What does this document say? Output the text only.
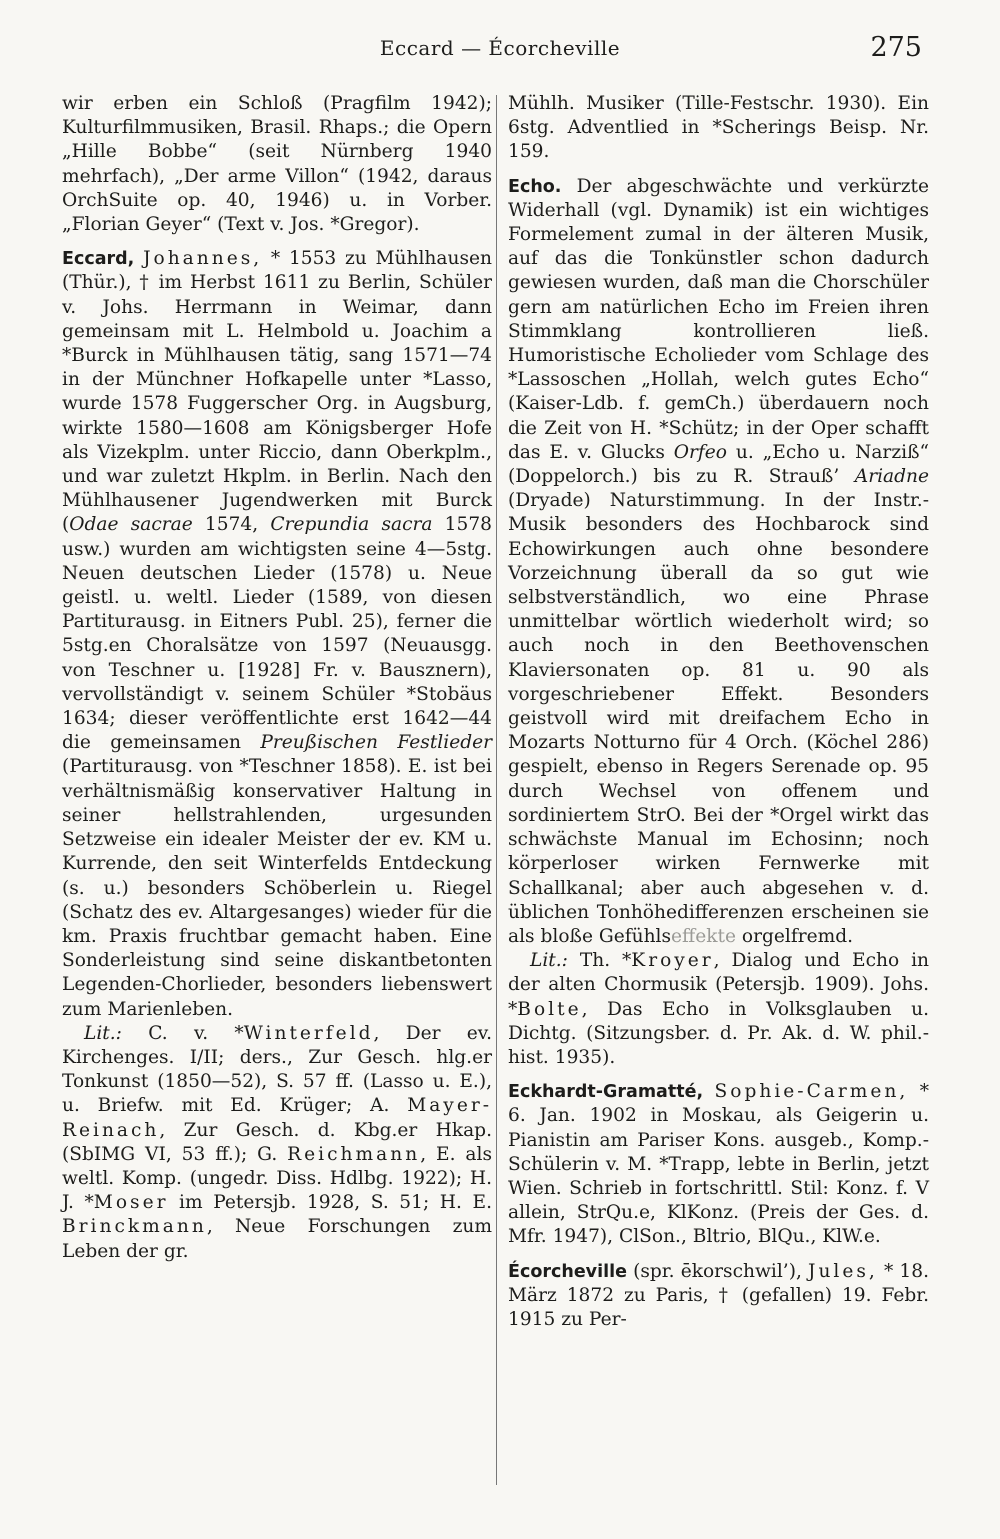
Eccard — Écorcheville	275

wir erben ein Schloß (Pragfilm 1942); Kulturfilmmusiken, Brasil. Rhaps.; die Opern „Hille Bobbe“ (seit Nürnberg 1940 mehrfach), „Der arme Villon“ (1942, daraus OrchSuite op. 40, 1946) u. in Vorber. „Florian Geyer“ (Text v. Jos. *Gregor).

Eccard, Johannes, * 1553 zu Mühlhausen (Thür.), † im Herbst 1611 zu Berlin, Schüler v. Johs. Herrmann in Weimar, dann gemeinsam mit L. Helmbold u. Joachim a *Burck in Mühlhausen tätig, sang 1571—74 in der Münchner Hofkapelle unter *Lasso, wurde 1578 Fuggerscher Org. in Augsburg, wirkte 1580—1608 am Königsberger Hofe als Vizekplm. unter Riccio, dann Oberkplm., und war zuletzt Hkplm. in Berlin. Nach den Mühlhausener Jugendwerken mit Burck (Odae sacrae 1574, Crepundia sacra 1578 usw.) wurden am wichtigsten seine 4—5stg. Neuen deutschen Lieder (1578) u. Neue geistl. u. weltl. Lieder (1589, von diesen Partiturausg. in Eitners Publ. 25), ferner die 5stg.en Choralsätze von 1597 (Neuausgg. von Teschner u. [1928] Fr. v. Bausznern), vervollständigt v. seinem Schüler *Stobäus 1634; dieser veröffentlichte erst 1642—44 die gemeinsamen Preußischen Festlieder (Partiturausg. von *Teschner 1858). E. ist bei verhältnismäßig konservativer Haltung in seiner hellstrahlenden, urgesunden Setzweise ein idealer Meister der ev. KM u. Kurrende, den seit Winterfelds Entdeckung (s. u.) besonders Schöberlein u. Riegel (Schatz des ev. Altargesanges) wieder für die km. Praxis fruchtbar gemacht haben. Eine Sonderleistung sind seine diskantbetonten Legenden-Chorlieder, besonders liebenswert zum Marienleben.

Lit.: C. v. *Winterfeld, Der ev. Kirchenges. I/II; ders., Zur Gesch. hlg.er Tonkunst (1850—52), S. 57 ff. (Lasso u. E.), u. Briefw. mit Ed. Krüger; A. Mayer-Reinach, Zur Gesch. d. Kbg.er Hkap. (SbIMG VI, 53 ff.); G. Reichmann, E. als weltl. Komp. (ungedr. Diss. Hdlbg. 1922); H. J. *Moser im Petersjb. 1928, S. 51; H. E. Brinckmann, Neue Forschungen zum Leben der gr.

Mühlh. Musiker (Tille-Festschr. 1930). Ein 6stg. Adventlied in *Scherings Beisp. Nr. 159.

Echo. Der abgeschwächte und verkürzte Widerhall (vgl. Dynamik) ist ein wichtiges Formelement zumal in der älteren Musik, auf das die Tonkünstler schon dadurch gewiesen wurden, daß man die Chorschüler gern am natürlichen Echo im Freien ihren Stimmklang kontrollieren ließ. Humoristische Echolieder vom Schlage des *Lassoschen „Hollah, welch gutes Echo“ (Kaiser-Ldb. f. gemCh.) überdauern noch die Zeit von H. *Schütz; in der Oper schafft das E. v. Glucks Orfeo u. „Echo u. Narziß“ (Doppelorch.) bis zu R. Strauß’ Ariadne (Dryade) Naturstimmung. In der Instr.-Musik besonders des Hochbarock sind Echowirkungen auch ohne besondere Vorzeichnung überall da so gut wie selbstverständlich, wo eine Phrase unmittelbar wörtlich wiederholt wird; so auch noch in den Beethovenschen Klaviersonaten op. 81 u. 90 als vorgeschriebener Effekt. Besonders geistvoll wird mit dreifachem Echo in Mozarts Notturno für 4 Orch. (Köchel 286) gespielt, ebenso in Regers Serenade op. 95 durch Wechsel von offenem und sordiniertem StrO. Bei der *Orgel wirkt das schwächste Manual im Echosinn; noch körperloser wirken Fernwerke mit Schallkanal; aber auch abgesehen v. d. üblichen Tonhöhedifferenzen erscheinen sie als bloße Gefühlseffekte orgelfremd.

Lit.: Th. *Kroyer, Dialog und Echo in der alten Chormusik (Petersjb. 1909). Johs. *Bolte, Das Echo in Volksglauben u. Dichtg. (Sitzungsber. d. Pr. Ak. d. W. phil.-hist. 1935).

Eckhardt-Gramatté, Sophie-Carmen, * 6. Jan. 1902 in Moskau, als Geigerin u. Pianistin am Pariser Kons. ausgeb., Komp.-Schülerin v. M. *Trapp, lebte in Berlin, jetzt Wien. Schrieb in fortschrittl. Stil: Konz. f. V allein, StrQu.e, KlKonz. (Preis der Ges. d. Mfr. 1947), ClSon., Bltrio, BlQu., KlW.e.

Écorcheville (spr. ēkorschwil’), Jules, * 18. März 1872 zu Paris, † (gefallen) 19. Febr. 1915 zu Per-
